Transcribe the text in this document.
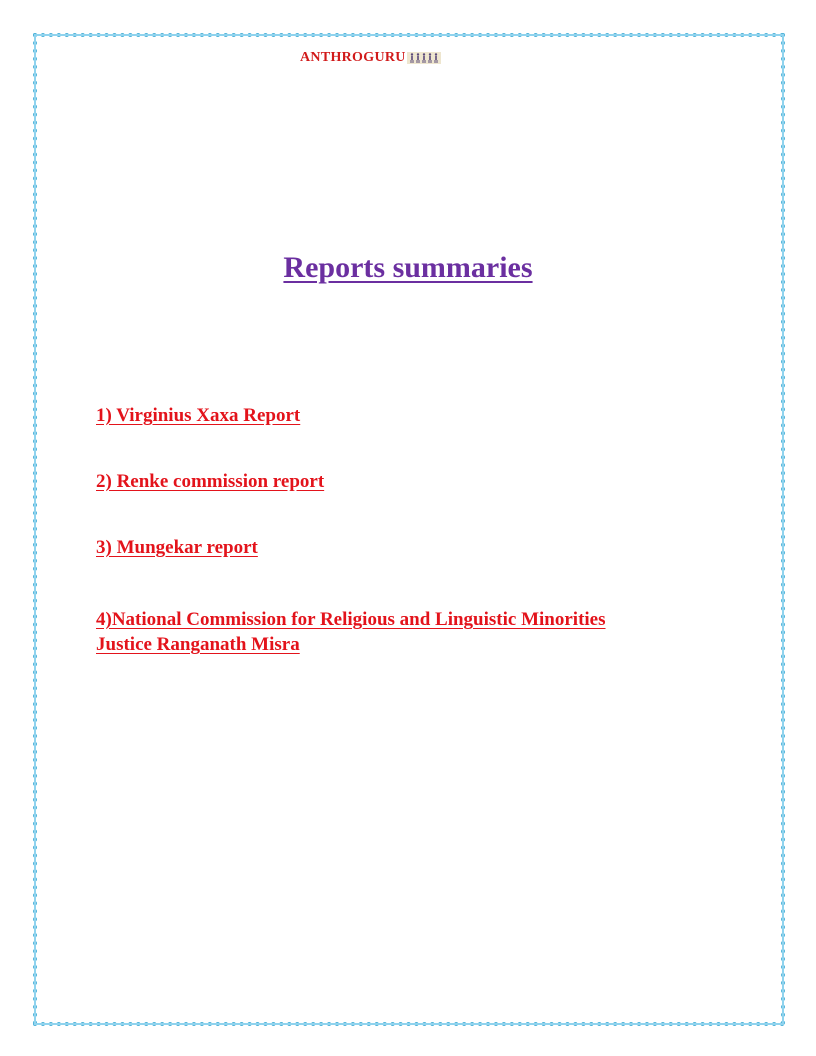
ANTHROGURU
Reports summaries
1) Virginius Xaxa Report
2) Renke commission report
3) Mungekar report
4)National Commission for Religious and Linguistic Minorities
Justice Ranganath Misra
